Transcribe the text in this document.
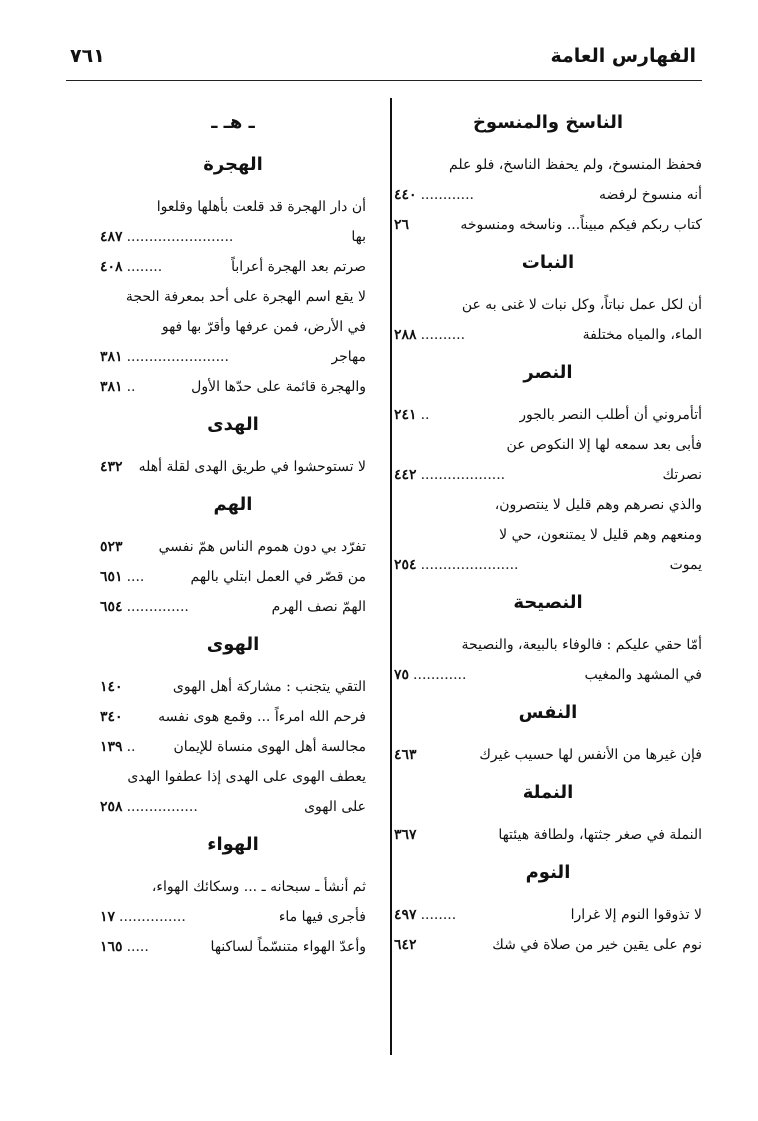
الفهارس العامة
٧٦١
الناسخ والمنسوخ
فحفظ المنسوخ، ولم يحفظ الناسخ، فلو علم
أنه منسوخ لرفضه
............٤٤٠
كتاب ربكم فيكم مبيناً... وناسخه ومنسوخه
٢٦
النبات
أن لكل عمل نباتاً، وكل نبات لا غنى به عن
الماء، والمياه مختلفة
..........٢٨٨
النصر
أتأمروني أن أطلب النصر بالجور
..٢٤١
فأبى بعد سمعه لها إلا النكوص عن
نصرتك
...................٤٤٢
والذي نصرهم وهم قليل لا ينتصرون،
ومنعهم وهم قليل لا يمتنعون، حي لا
يموت
......................٢٥٤
النصيحة
أمّا حقي عليكم : فالوفاء بالبيعة، والنصيحة
في المشهد والمغيب
............٧٥
النفس
فإن غيرها من الأنفس لها حسيب غيرك
٤٦٣
النملة
النملة في صغر جثتها، ولطافة هيئتها
٣٦٧
النوم
لا تذوقوا النوم إلا غرارا
........٤٩٧
نوم على يقين خير من صلاة في شك
٦٤٢
ـ هـ ـ
الهجرة
أن دار الهجرة قد قلعت بأهلها وقلعوا
بها
........................٤٨٧
صرتم بعد الهجرة أعراباً
........٤٠٨
لا يقع اسم الهجرة على أحد بمعرفة الحجة
في الأرض، فمن عرفها وأقرّ بها فهو
مهاجر
.......................٣٨١
والهجرة قائمة على حدّها الأول
..٣٨١
الهدى
لا تستوحشوا في طريق الهدى لقلة أهله
٤٣٢
الهم
تفرّد بي دون هموم الناس همّ نفسي
٥٢٣
من قصّر في العمل ابتلي بالهم
....٦٥١
الهمّ نصف الهرم
..............٦٥٤
الهوى
التقي يتجنب : مشاركة أهل الهوى
١٤٠
فرحم الله امرءاً ... وقمع هوى نفسه
٣٤٠
مجالسة أهل الهوى منساة للإيمان
..١٣٩
يعطف الهوى على الهدى إذا عطفوا الهدى
على الهوى
................٢٥٨
الهواء
ثم أنشأ ـ سبحانه ـ ... وسكائك الهواء،
فأجرى فيها ماء
...............١٧
وأعدّ الهواء متنسّماً لساكنها
.....١٦٥
